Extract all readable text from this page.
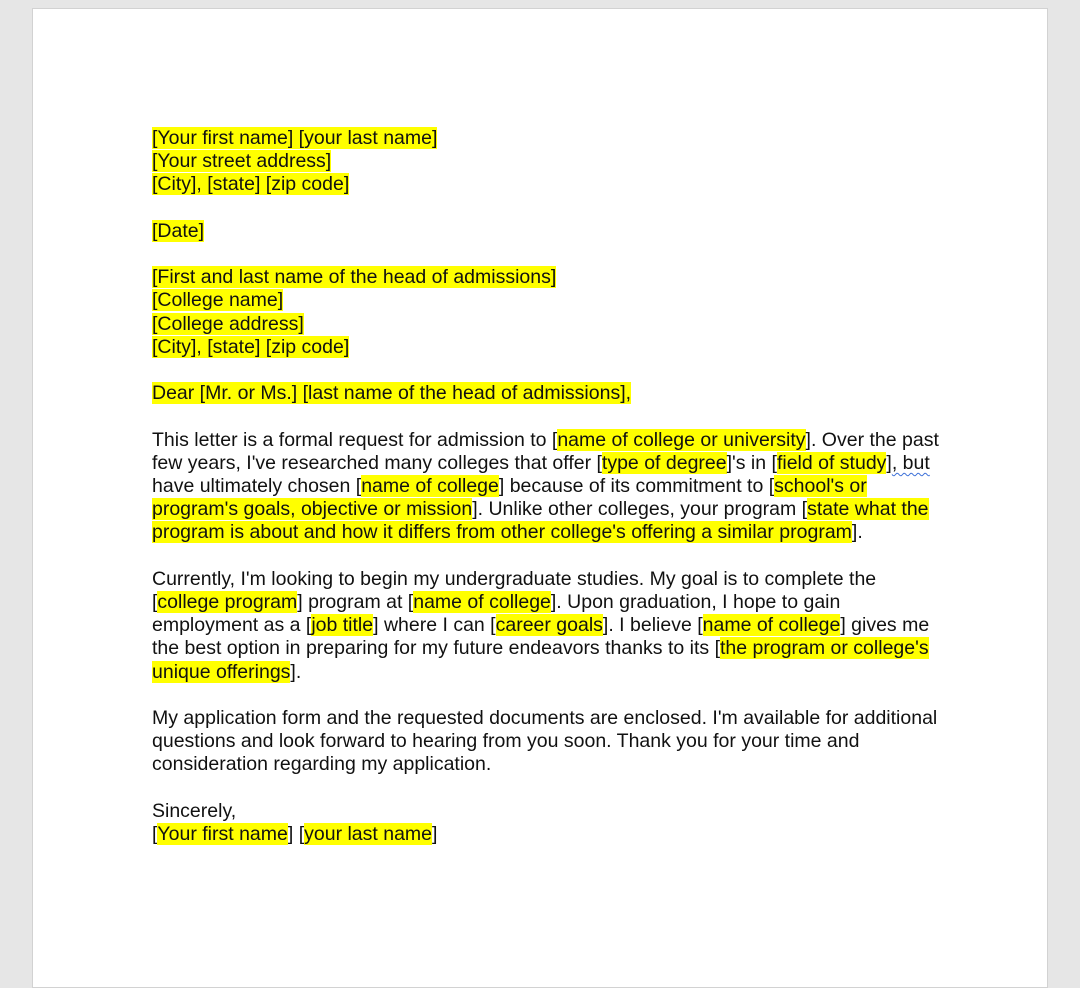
[Your first name] [your last name]

[Your street address]

[City], [state] [zip code]

[Date]

[First and last name of the head of admissions]

[College name]

[College address]

[City], [state] [zip code]

Dear [Mr. or Ms.] [last name of the head of admissions],

This letter is a formal request for admission to [name of college or university]. Over the past few years, I've researched many colleges that offer [type of degree]'s in [field of study], but have ultimately chosen [name of college] because of its commitment to [school's or program's goals, objective or mission]. Unlike other colleges, your program [state what the program is about and how it differs from other college's offering a similar program].

Currently, I'm looking to begin my undergraduate studies. My goal is to complete the [college program] program at [name of college]. Upon graduation, I hope to gain employment as a [job title] where I can [career goals]. I believe [name of college] gives me the best option in preparing for my future endeavors thanks to its [the program or college's unique offerings].

My application form and the requested documents are enclosed. I'm available for additional questions and look forward to hearing from you soon. Thank you for your time and consideration regarding my application.

Sincerely,

[Your first name] [your last name]
